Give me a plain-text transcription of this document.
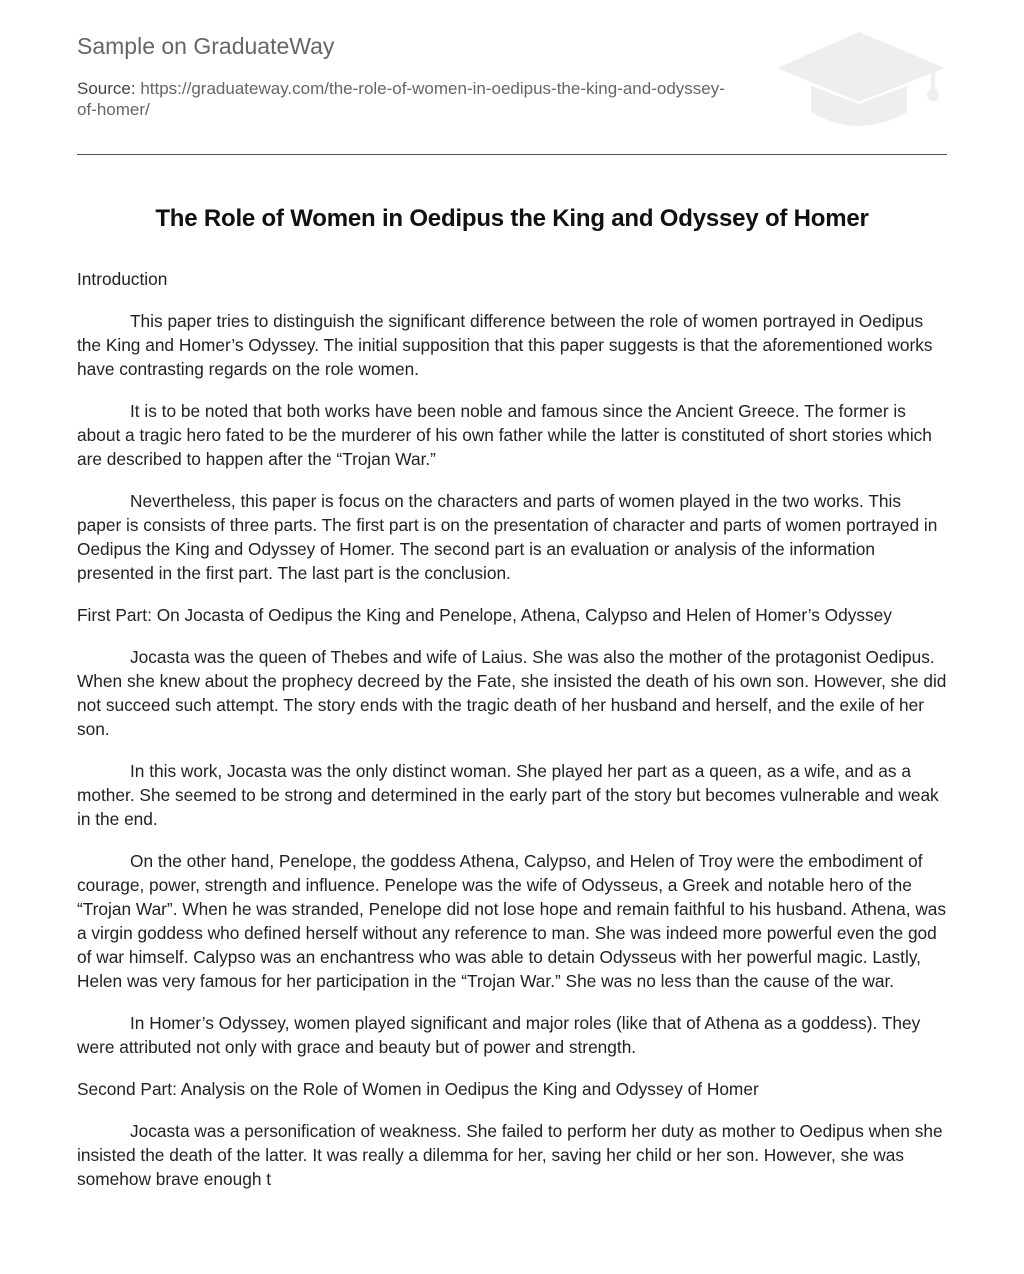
Sample on GraduateWay
Source: https://graduateway.com/the-role-of-women-in-oedipus-the-king-and-odyssey-
of-homer/
The Role of Women in Oedipus the King and Odyssey of Homer

Introduction

This paper tries to distinguish the significant difference between the role of women portrayed in Oedipus the King and Homer’s Odyssey. The initial supposition that this paper suggests is that the aforementioned works have contrasting regards on the role women.

It is to be noted that both works have been noble and famous since the Ancient Greece. The former is about a tragic hero fated to be the murderer of his own father while the latter is constituted of short stories which are described to happen after the “Trojan War.”

Nevertheless, this paper is focus on the characters and parts of women played in the two works. This paper is consists of three parts. The first part is on the presentation of character and parts of women portrayed in Oedipus the King and Odyssey of Homer. The second part is an evaluation or analysis of the information presented in the first part. The last part is the conclusion.

First Part: On Jocasta of Oedipus the King and Penelope, Athena, Calypso and Helen of Homer’s Odyssey

Jocasta was the queen of Thebes and wife of Laius. She was also the mother of the protagonist Oedipus. When she knew about the prophecy decreed by the Fate, she insisted the death of his own son. However, she did not succeed such attempt. The story ends with the tragic death of her husband and herself, and the exile of her son.

In this work, Jocasta was the only distinct woman. She played her part as a queen, as a wife, and as a mother. She seemed to be strong and determined in the early part of the story but becomes vulnerable and weak in the end.

On the other hand, Penelope, the goddess Athena, Calypso, and Helen of Troy were the embodiment of courage, power, strength and influence. Penelope was the wife of Odysseus, a Greek and notable hero of the “Trojan War”. When he was stranded, Penelope did not lose hope and remain faithful to his husband. Athena, was a virgin goddess who defined herself without any reference to man. She was indeed more powerful even the god of war himself. Calypso was an enchantress who was able to detain Odysseus with her powerful magic. Lastly, Helen was very famous for her participation in the “Trojan War.” She was no less than the cause of the war.

In Homer’s Odyssey, women played significant and major roles (like that of Athena as a goddess). They were attributed not only with grace and beauty but of power and strength.

Second Part: Analysis on the Role of Women in Oedipus the King and Odyssey of Homer

Jocasta was a personification of weakness. She failed to perform her duty as mother to Oedipus when she insisted the death of the latter. It was really a dilemma for her, saving her child or her son. However, she was somehow brave enough t
